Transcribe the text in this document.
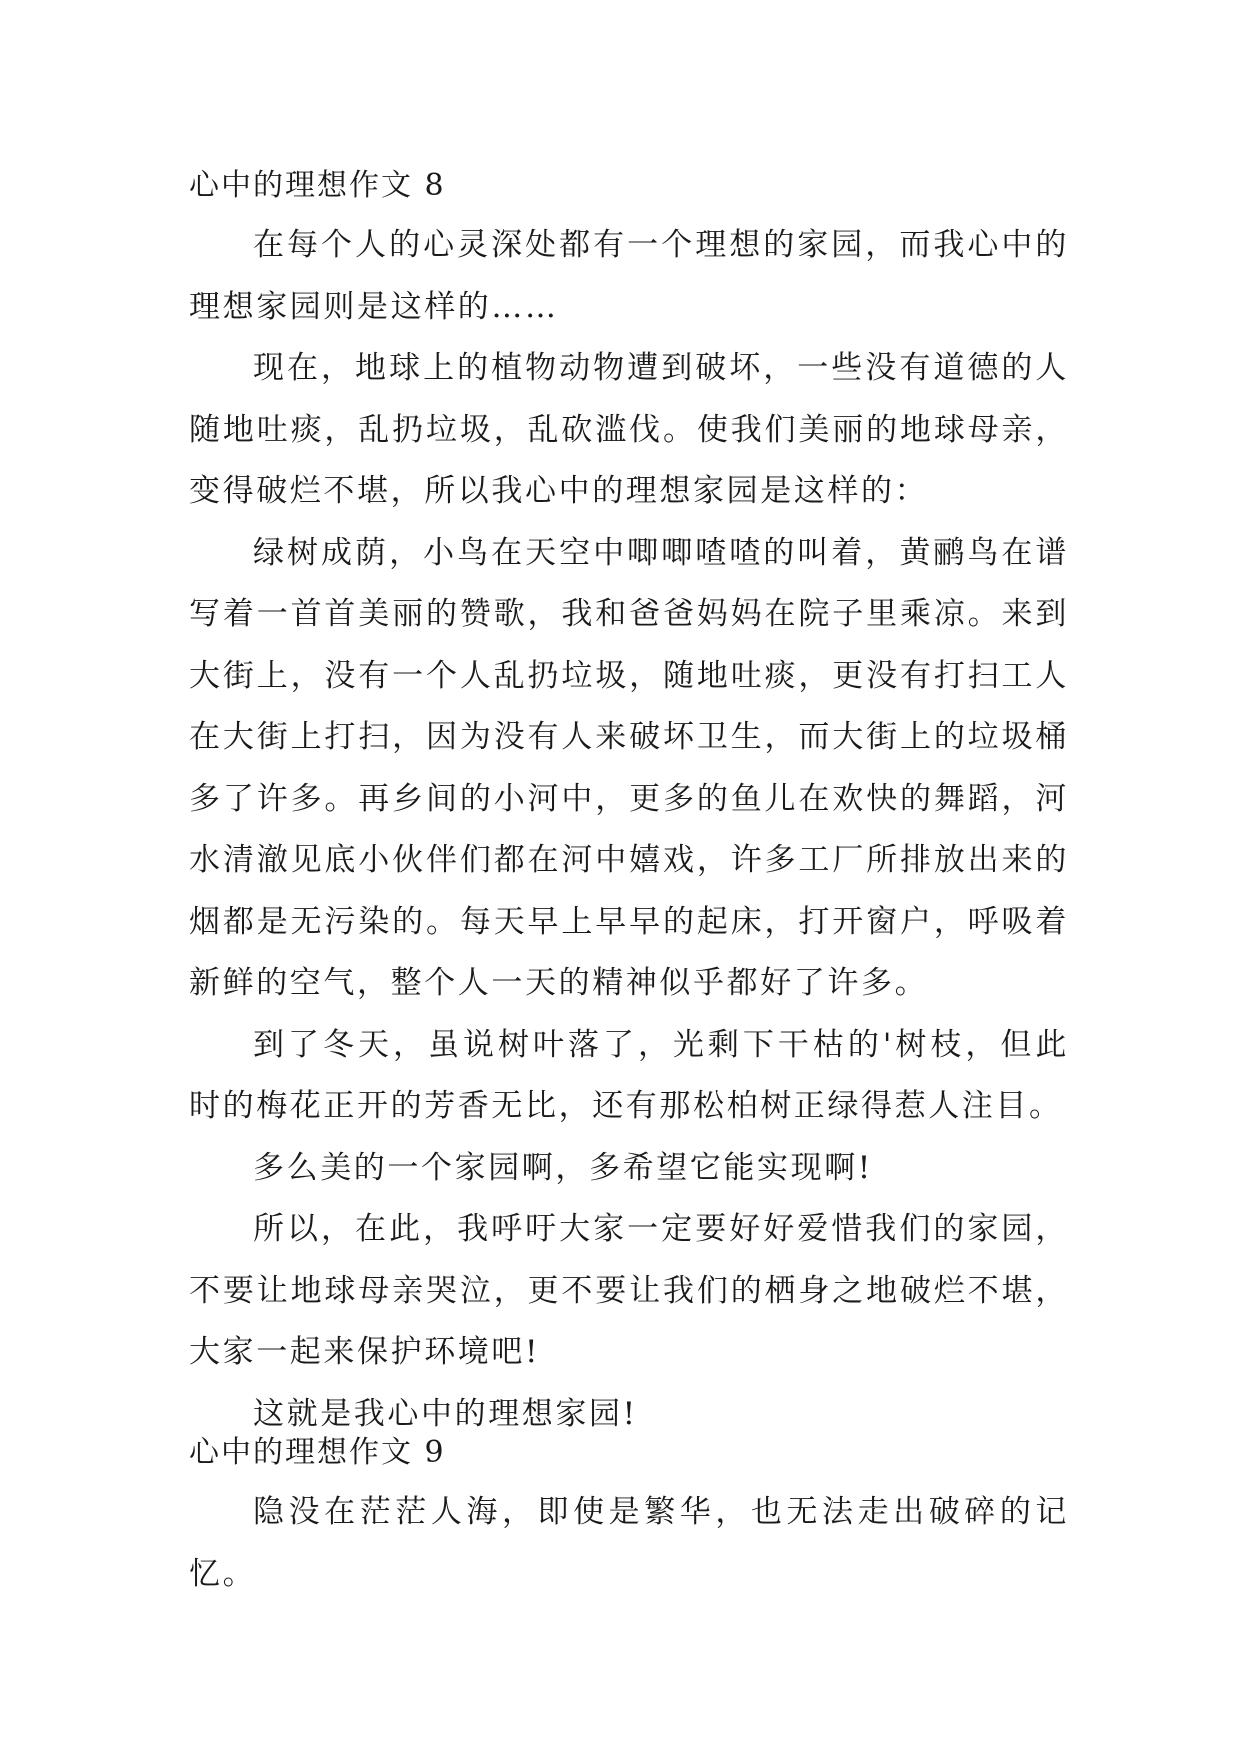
心中的理想作文 8

在每个人的心灵深处都有一个理想的家园，而我心中的理想家园则是这样的……

现在，地球上的植物动物遭到破坏，一些没有道德的人随地吐痰，乱扔垃圾，乱砍滥伐。使我们美丽的地球母亲，变得破烂不堪，所以我心中的理想家园是这样的：

绿树成荫，小鸟在天空中唧唧喳喳的叫着，黄鹂鸟在谱写着一首首美丽的赞歌，我和爸爸妈妈在院子里乘凉。来到大街上，没有一个人乱扔垃圾，随地吐痰，更没有打扫工人在大街上打扫，因为没有人来破坏卫生，而大街上的垃圾桶多了许多。再乡间的小河中，更多的鱼儿在欢快的舞蹈，河水清澈见底小伙伴们都在河中嬉戏，许多工厂所排放出来的烟都是无污染的。每天早上早早的起床，打开窗户，呼吸着新鲜的空气，整个人一天的精神似乎都好了许多。

到了冬天，虽说树叶落了，光剩下干枯的'树枝，但此时的梅花正开的芳香无比，还有那松柏树正绿得惹人注目。

多么美的一个家园啊，多希望它能实现啊!

所以，在此，我呼吁大家一定要好好爱惜我们的家园，不要让地球母亲哭泣，更不要让我们的栖身之地破烂不堪，大家一起来保护环境吧!

这就是我心中的理想家园!

心中的理想作文 9

隐没在茫茫人海，即使是繁华，也无法走出破碎的记忆。
